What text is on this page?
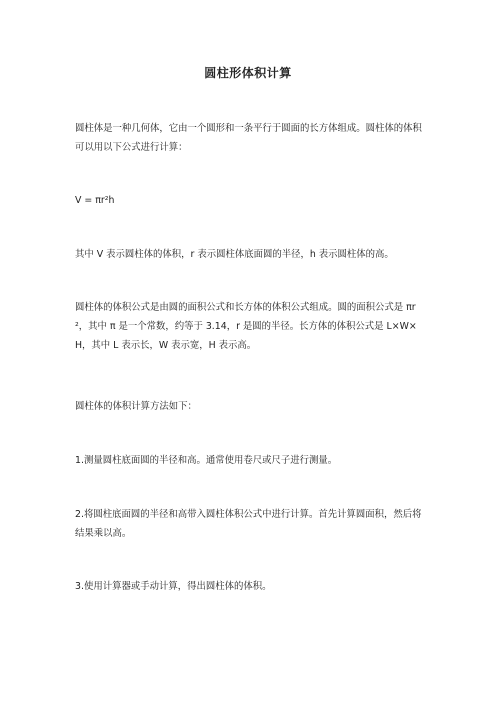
圆柱形体积计算

圆柱体是一种几何体，它由一个圆形和一条平行于圆面的长方体组成。圆柱体的体积可以用以下公式进行计算：

V = πr²h

其中 V 表示圆柱体的体积，r 表示圆柱体底面圆的半径，h 表示圆柱体的高。

圆柱体的体积公式是由圆的面积公式和长方体的体积公式组成。圆的面积公式是 πr²，其中 π 是一个常数，约等于 3.14，r 是圆的半径。长方体的体积公式是 L×W×H，其中 L 表示长，W 表示宽，H 表示高。

圆柱体的体积计算方法如下：

1.测量圆柱底面圆的半径和高。通常使用卷尺或尺子进行测量。

2.将圆柱底面圆的半径和高带入圆柱体积公式中进行计算。首先计算圆面积，然后将结果乘以高。

3.使用计算器或手动计算，得出圆柱体的体积。
